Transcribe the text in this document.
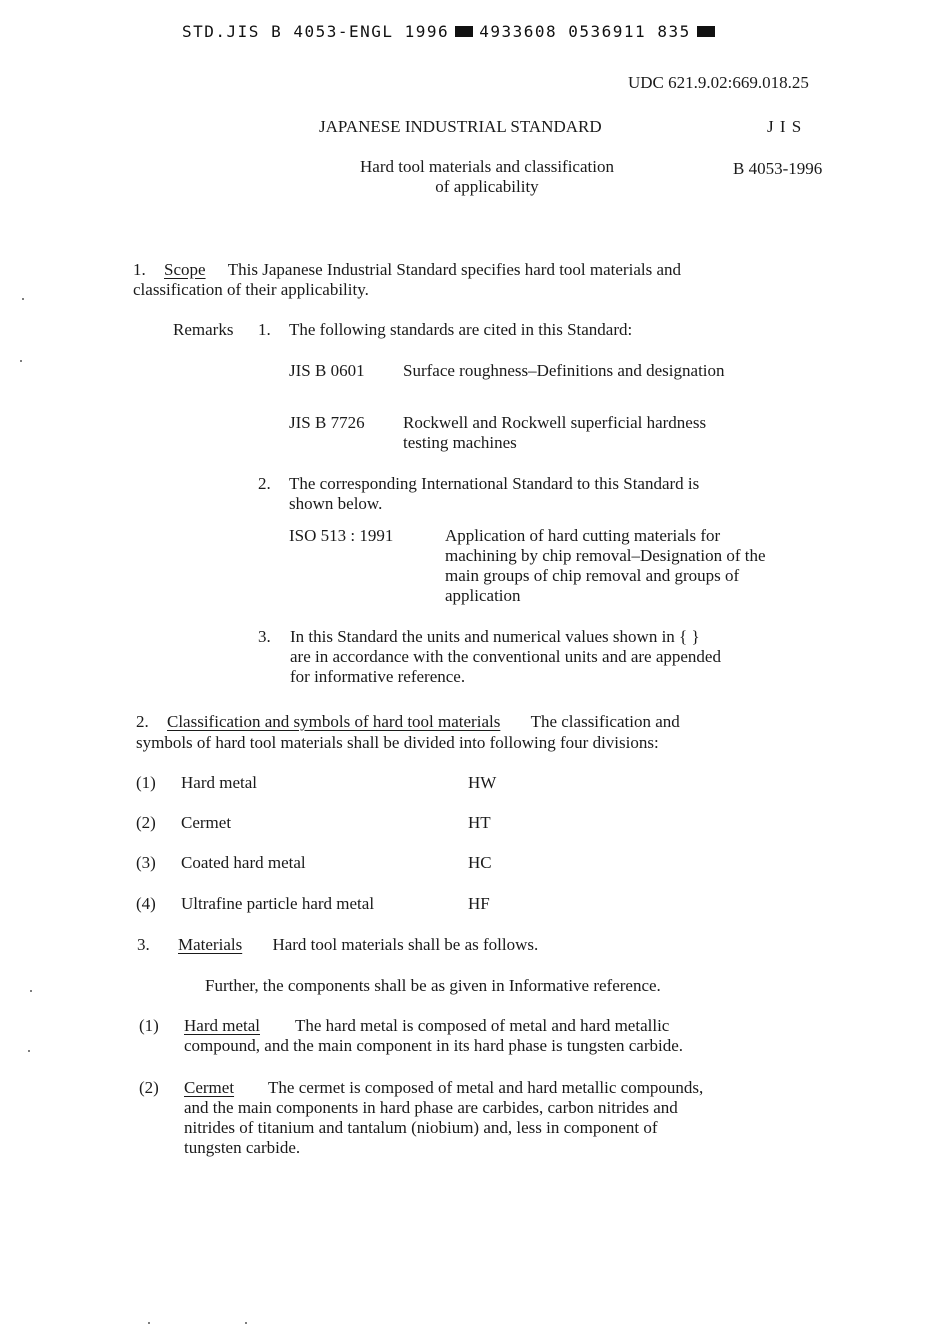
STD.JIS B 4053-ENGL 1996 4933608 0536911 835
UDC 621.9.02:669.018.25
JAPANESE INDUSTRIAL STANDARD	J I S
Hard tool materials and classification
of applicability
B 4053-1996
1. Scope This Japanese Industrial Standard specifies hard tool materials and
classification of their applicability.
Remarks 1. The following standards are cited in this Standard:
JIS B 0601 Surface roughness–Definitions and designation
JIS B 7726 Rockwell and Rockwell superficial hardness
testing machines
2. The corresponding International Standard to this Standard is
shown below.
ISO 513 : 1991	Application of hard cutting materials for
machining by chip removal–Designation of the
main groups of chip removal and groups of
application
3. In this Standard the units and numerical values shown in { }
are in accordance with the conventional units and are appended
for informative reference.
2. Classification and symbols of hard tool materials The classification and
symbols of hard tool materials shall be divided into following four divisions:
(1) Hard metal	HW
(2) Cermet	HT
(3) Coated hard metal	HC
(4) Ultrafine particle hard metal	HF
3. Materials Hard tool materials shall be as follows.
Further, the components shall be as given in Informative reference.
(1) Hard metal The hard metal is composed of metal and hard metallic
compound, and the main component in its hard phase is tungsten carbide.
(2) Cermet The cermet is composed of metal and hard metallic compounds,
and the main components in hard phase are carbides, carbon nitrides and
nitrides of titanium and tantalum (niobium) and, less in component of
tungsten carbide.
